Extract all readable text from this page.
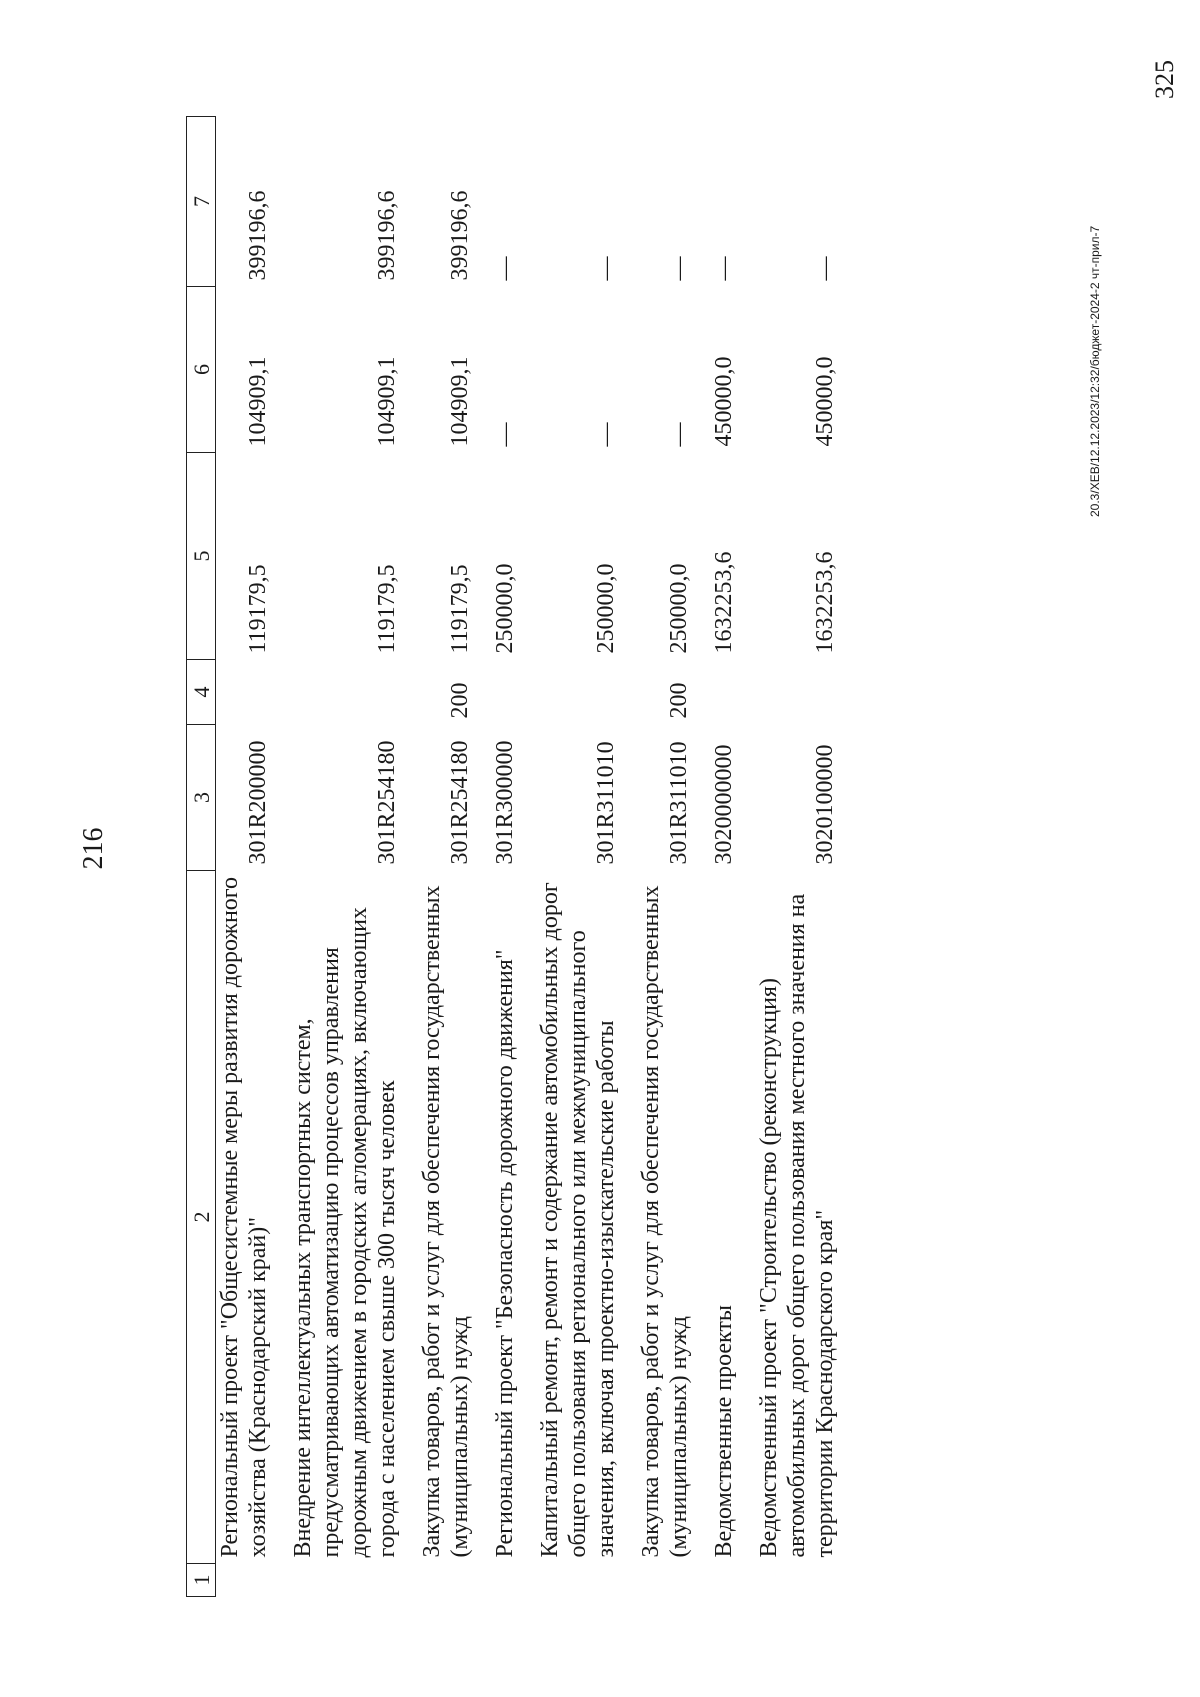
216
1	2	3	4	5	6	7
	Региональный проект "Общесистемные меры развития дорожного хозяйства (Краснодарский край)"	301R200000		119179,5	104909,1	399196,6
	Внедрение интеллектуальных транспортных систем, предусматривающих автоматизацию процессов управления дорожным движением в городских агломерациях, включающих города с населением свыше 300 тысяч человек	301R254180		119179,5	104909,1	399196,6
	Закупка товаров, работ и услуг для обеспечения государственных (муниципальных) нужд	301R254180	200	119179,5	104909,1	399196,6
	Региональный проект "Безопасность дорожного движения"	301R300000		250000,0	—	—
	Капитальный ремонт, ремонт и содержание автомобильных дорог общего пользования регионального или межмуниципального значения, включая проектно-изыскательские работы	301R311010		250000,0	—	—
	Закупка товаров, работ и услуг для обеспечения государственных (муниципальных) нужд	301R311010	200	250000,0	—	—
	Ведомственные проекты	3020000000		1632253,6	450000,0	—
	Ведомственный проект "Строительство (реконструкция) автомобильных дорог общего пользования местного значения на территории Краснодарского края"	3020100000		1632253,6	450000,0	—	20.3/ХЕВ/12.12.2023/12:32/бюджет-2024-2 чт-прил-7
325
